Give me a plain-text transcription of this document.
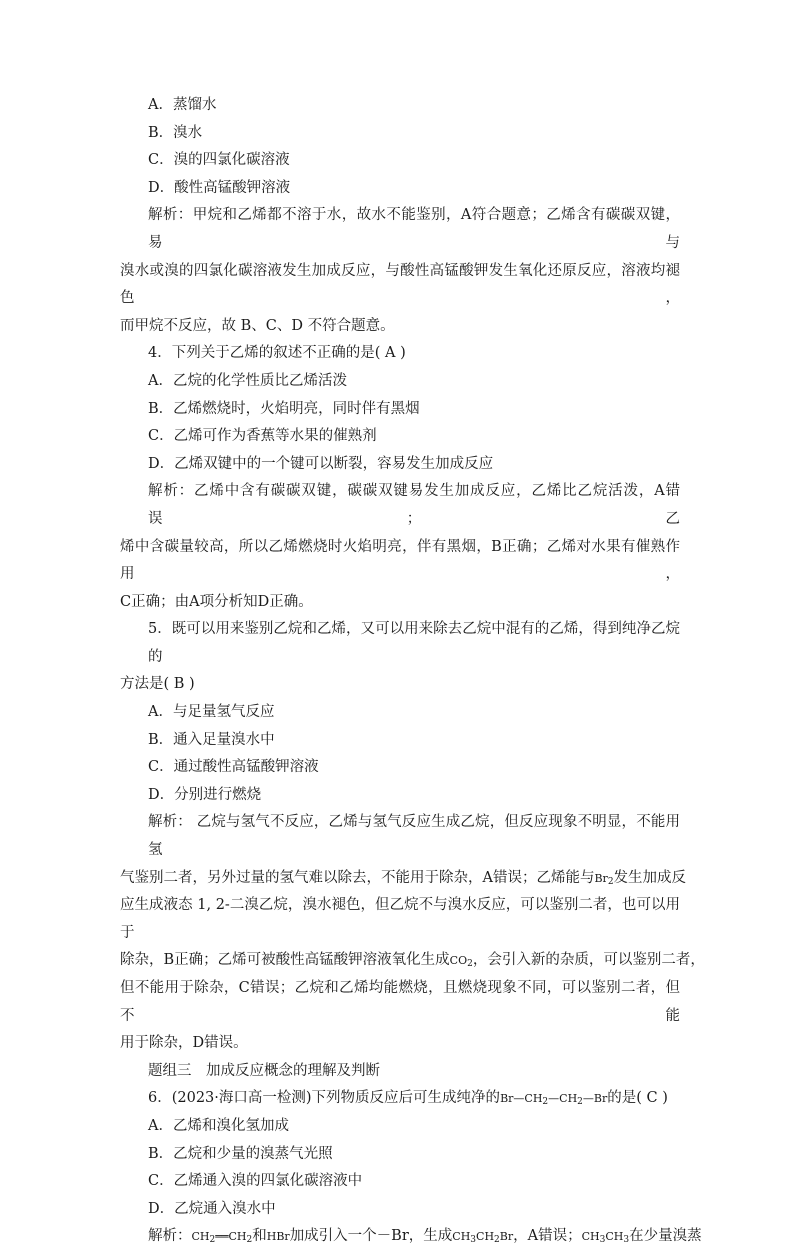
A．蒸馏水
B．溴水
C．溴的四氯化碳溶液
D．酸性高锰酸钾溶液
解析：甲烷和乙烯都不溶于水，故水不能鉴别，A符合题意；乙烯含有碳碳双键，易与
溴水或溴的四氯化碳溶液发生加成反应，与酸性高锰酸钾发生氧化还原反应，溶液均褪色，
而甲烷不反应，故 B、C、D 不符合题意。
4．下列关于乙烯的叙述不正确的是( A )
A．乙烷的化学性质比乙烯活泼
B．乙烯燃烧时，火焰明亮，同时伴有黑烟
C．乙烯可作为香蕉等水果的催熟剂
D．乙烯双键中的一个键可以断裂，容易发生加成反应
解析：乙烯中含有碳碳双键，碳碳双键易发生加成反应，乙烯比乙烷活泼，A错误；乙
烯中含碳量较高，所以乙烯燃烧时火焰明亮，伴有黑烟，B正确；乙烯对水果有催熟作用，
C正确；由A项分析知D正确。
5．既可以用来鉴别乙烷和乙烯，又可以用来除去乙烷中混有的乙烯，得到纯净乙烷的
方法是( B )
A．与足量氢气反应
B．通入足量溴水中
C．通过酸性高锰酸钾溶液
D．分别进行燃烧
解析： 乙烷与氢气不反应，乙烯与氢气反应生成乙烷，但反应现象不明显，不能用氢
气鉴别二者，另外过量的氢气难以除去，不能用于除杂，A错误；乙烯能与$Br_2$发生加成反
应生成液态 1, 2-二溴乙烷，溴水褪色，但乙烷不与溴水反应，可以鉴别二者，也可以用于
除杂，B正确；乙烯可被酸性高锰酸钾溶液氧化生成$CO_2$，会引入新的杂质，可以鉴别二者，
但不能用于除杂，C错误；乙烷和乙烯均能燃烧，且燃烧现象不同，可以鉴别二者，但不能
用于除杂，D错误。
题组三　加成反应概念的理解及判断
6．(2023·海口高一检测)下列物质反应后可生成纯净的$Br—CH_2—CH_2—Br$的是( C )
A．乙烯和溴化氢加成
B．乙烷和少量的溴蒸气光照
C．乙烯通入溴的四氯化碳溶液中
D．乙烷通入溴水中
解析：$CH_2══CH_2$和HBr加成引入一个－Br，生成$CH_3CH_2Br$，A错误；$CH_3CH_3$在少量溴蒸
